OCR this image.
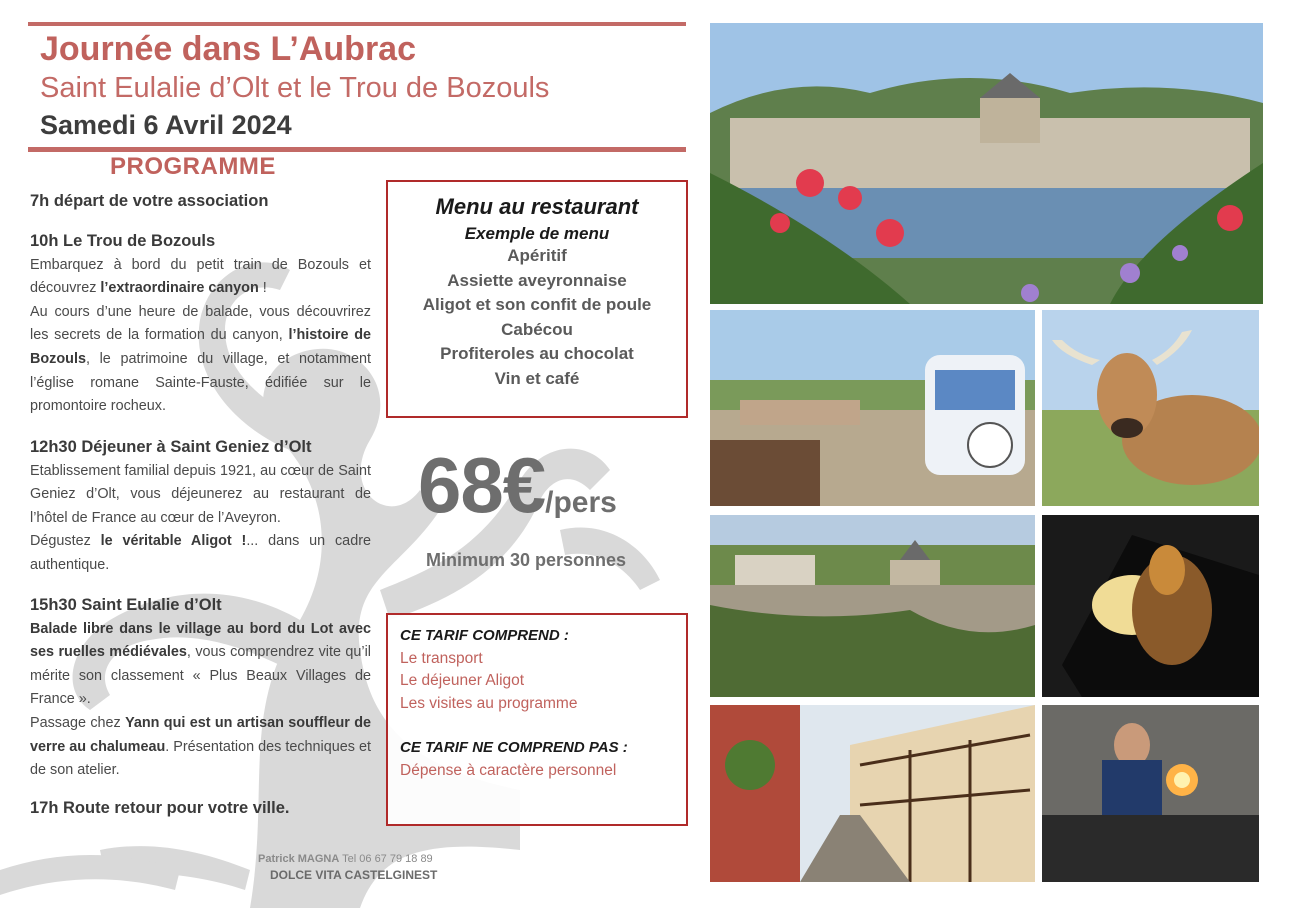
Journée dans L’Aubrac
Saint Eulalie d’Olt et le Trou de Bozouls
Samedi 6 Avril 2024
PROGRAMME
7h départ de votre association
10h Le Trou de Bozouls

Embarquez à bord du petit train de Bozouls et découvrez l’extraordinaire canyon !

Au cours d’une heure de balade, vous découvrirez les secrets de la formation du canyon, l’histoire de Bozouls, le patrimoine du village, et notamment l’église romane Sainte-Fauste, édifiée sur le promontoire rocheux.

12h30 Déjeuner à Saint Geniez d’Olt

Etablissement familial depuis 1921, au cœur de Saint Geniez d’Olt, vous déjeunerez au restaurant de l’hôtel de France au cœur de l’Aveyron.

Dégustez le véritable Aligot !... dans un cadre authentique.

15h30 Saint Eulalie d’Olt

Balade libre dans le village au bord du Lot avec ses ruelles médiévales, vous comprendrez vite qu’il mérite son classement « Plus Beaux Villages de France ».

Passage chez Yann qui est un artisan souffleur de verre au chalumeau. Présentation des techniques et de son atelier.

17h Route retour pour votre ville.
Menu au restaurant
Exemple de menu
Apéritif
Assiette aveyronnaise
Aligot et son confit de poule
Cabécou
Profiteroles au chocolat
Vin et café
68€/pers
Minimum 30 personnes
CE TARIF COMPREND :
Le transport
Le déjeuner Aligot
Les visites au programme
CE TARIF NE COMPREND PAS :
Dépense à caractère personnel
Patrick MAGNA Tel 06 67 79 18 89
DOLCE VITA CASTELGINEST
